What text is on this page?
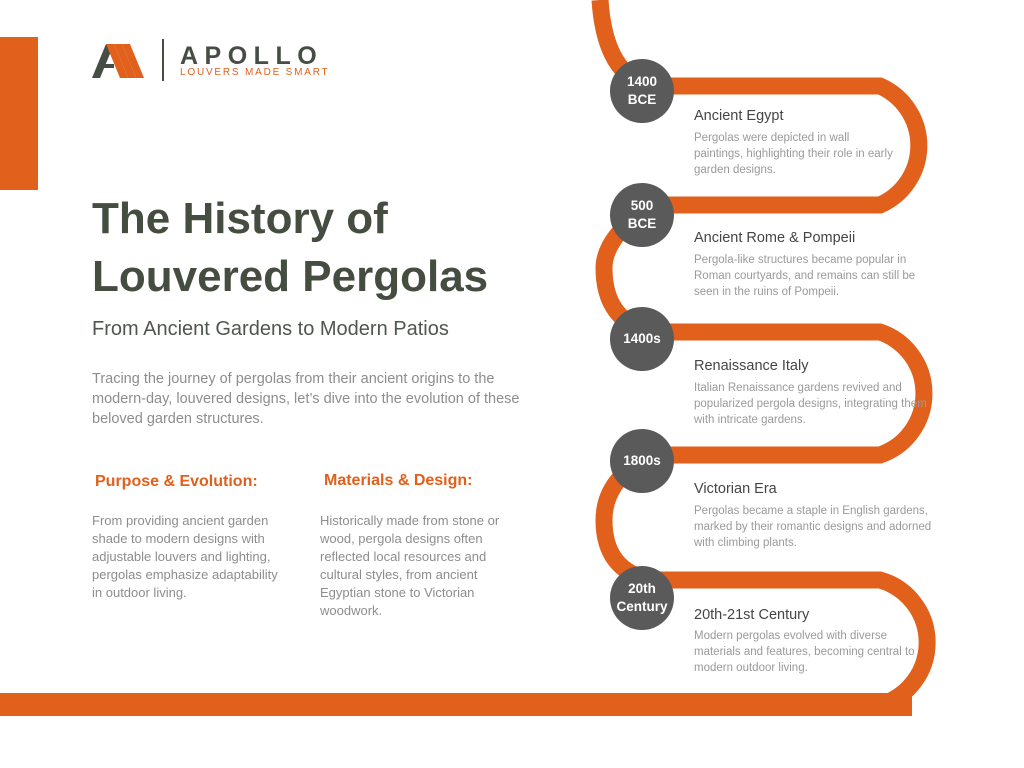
APOLLO
LOUVERS MADE SMART
The History of
Louvered Pergolas
From Ancient Gardens to Modern Patios
Tracing the journey of pergolas from their ancient origins to the modern-day, louvered designs, let’s dive into the evolution of these beloved garden structures.
Purpose & Evolution:
From providing ancient garden shade to modern designs with adjustable louvers and lighting, pergolas emphasize adaptability in outdoor living.
Materials & Design:
Historically made from stone or wood, pergola designs often reflected local resources and cultural styles, from ancient Egyptian stone to Victorian woodwork.
1400
BCE
500
BCE
1400s
1800s
20th
Century
Ancient Egypt
Pergolas were depicted in wall paintings, highlighting their role in early garden designs.
Ancient Rome & Pompeii
Pergola-like structures became popular in Roman courtyards, and remains can still be seen in the ruins of Pompeii.
Renaissance Italy
Italian Renaissance gardens revived and popularized pergola designs, integrating them with intricate gardens.
Victorian Era
Pergolas became a staple in English gardens, marked by their romantic designs and adorned with climbing plants.
20th-21st Century
Modern pergolas evolved with diverse materials and features, becoming central to modern outdoor living.
